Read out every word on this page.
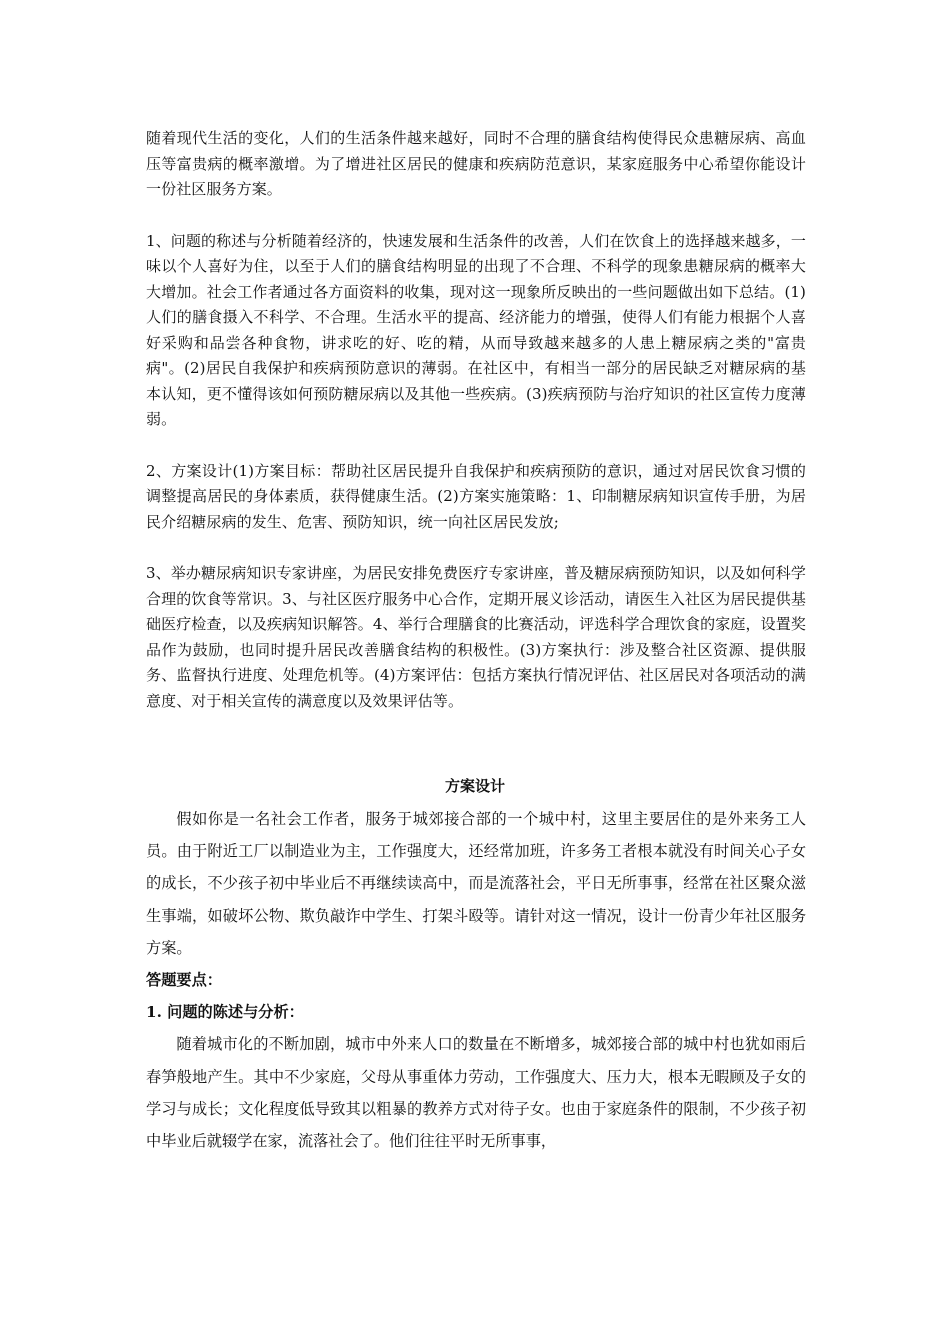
随着现代生活的变化，人们的生活条件越来越好，同时不合理的膳食结构使得民众患糖尿病、高血压等富贵病的概率激增。为了增进社区居民的健康和疾病防范意识，某家庭服务中心希望你能设计一份社区服务方案。

1、问题的称述与分析随着经济的，快速发展和生活条件的改善，人们在饮食上的选择越来越多，一味以个人喜好为住，以至于人们的膳食结构明显的出现了不合理、不科学的现象患糖尿病的概率大大增加。社会工作者通过各方面资料的收集，现对这一现象所反映出的一些问题做出如下总结。(1)人们的膳食摄入不科学、不合理。生活水平的提高、经济能力的增强，使得人们有能力根据个人喜好采购和品尝各种食物，讲求吃的好、吃的精，从而导致越来越多的人患上糖尿病之类的"富贵病"。(2)居民自我保护和疾病预防意识的薄弱。在社区中，有相当一部分的居民缺乏对糖尿病的基本认知，更不懂得该如何预防糖尿病以及其他一些疾病。(3)疾病预防与治疗知识的社区宣传力度薄弱。

2、方案设计(1)方案目标：帮助社区居民提升自我保护和疾病预防的意识，通过对居民饮食习惯的调整提高居民的身体素质，获得健康生活。(2)方案实施策略：1、印制糖尿病知识宣传手册，为居民介绍糖尿病的发生、危害、预防知识，统一向社区居民发放;

3、举办糖尿病知识专家讲座，为居民安排免费医疗专家讲座，普及糖尿病预防知识，以及如何科学合理的饮食等常识。3、与社区医疗服务中心合作，定期开展义诊活动，请医生入社区为居民提供基础医疗检查，以及疾病知识解答。4、举行合理膳食的比赛活动，评选科学合理饮食的家庭，设置奖品作为鼓励，也同时提升居民改善膳食结构的积极性。(3)方案执行：涉及整合社区资源、提供服务、监督执行进度、处理危机等。(4)方案评估：包括方案执行情况评估、社区居民对各项活动的满意度、对于相关宣传的满意度以及效果评估等。

方案设计

假如你是一名社会工作者，服务于城郊接合部的一个城中村，这里主要居住的是外来务工人员。由于附近工厂以制造业为主，工作强度大，还经常加班，许多务工者根本就没有时间关心子女的成长，不少孩子初中毕业后不再继续读高中，而是流落社会，平日无所事事，经常在社区聚众滋生事端，如破坏公物、欺负敲诈中学生、打架斗殴等。请针对这一情况，设计一份青少年社区服务方案。

答题要点：

1. 问题的陈述与分析：

随着城市化的不断加剧，城市中外来人口的数量在不断增多，城郊接合部的城中村也犹如雨后春笋般地产生。其中不少家庭，父母从事重体力劳动，工作强度大、压力大，根本无暇顾及子女的学习与成长；文化程度低导致其以粗暴的教养方式对待子女。也由于家庭条件的限制，不少孩子初中毕业后就辍学在家，流落社会了。他们往往平时无所事事，
